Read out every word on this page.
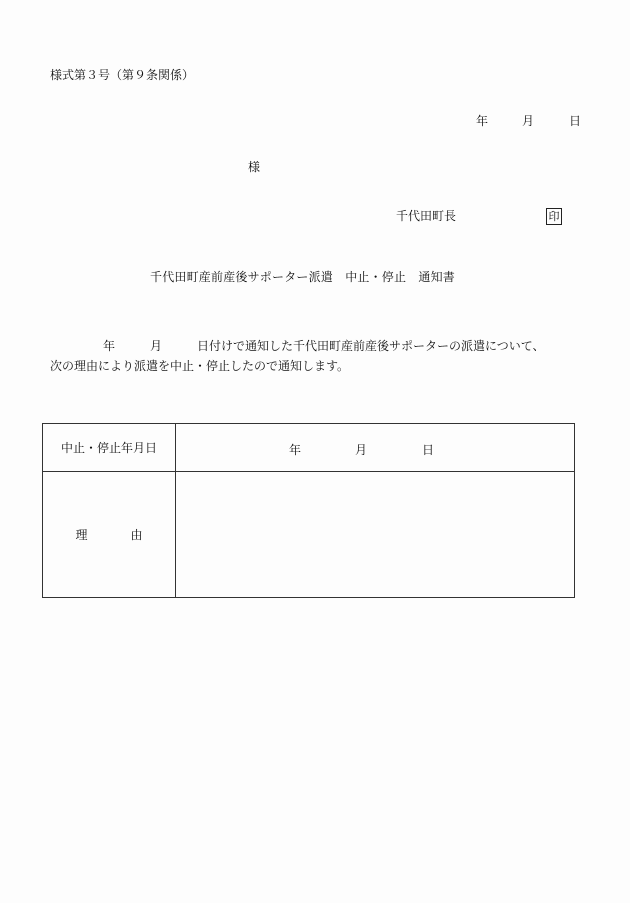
様式第３号（第９条関係）
年	月	日
様
千代田町長	印
千代田町産前産後サポーター派遣　中止・停止　通知書
年	月	日付けで通知した千代田町産前産後サポーターの派遣について、
次の理由により派遣を中止・停止したので通知します。
中止・停止年月日	年 月 日

理 由	
